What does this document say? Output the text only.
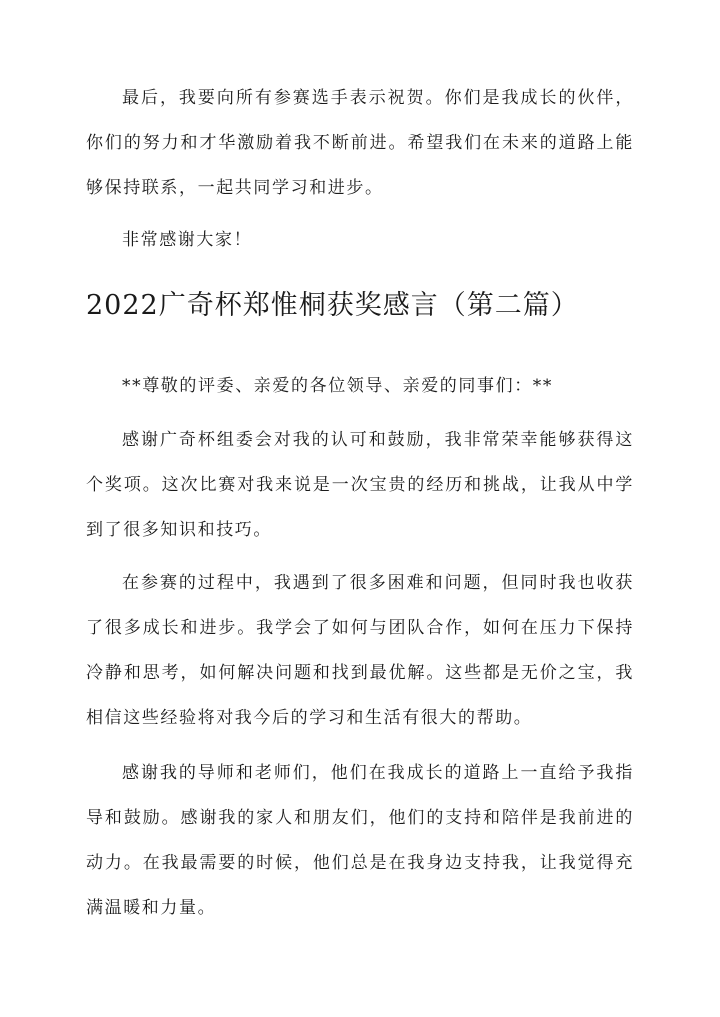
最后，我要向所有参赛选手表示祝贺。你们是我成长的伙伴，你们的努力和才华激励着我不断前进。希望我们在未来的道路上能够保持联系，一起共同学习和进步。

非常感谢大家！

2022广奇杯郑惟桐获奖感言（第二篇）

**尊敬的评委、亲爱的各位领导、亲爱的同事们：**

感谢广奇杯组委会对我的认可和鼓励，我非常荣幸能够获得这个奖项。这次比赛对我来说是一次宝贵的经历和挑战，让我从中学到了很多知识和技巧。

在参赛的过程中，我遇到了很多困难和问题，但同时我也收获了很多成长和进步。我学会了如何与团队合作，如何在压力下保持冷静和思考，如何解决问题和找到最优解。这些都是无价之宝，我相信这些经验将对我今后的学习和生活有很大的帮助。

感谢我的导师和老师们，他们在我成长的道路上一直给予我指导和鼓励。感谢我的家人和朋友们，他们的支持和陪伴是我前进的动力。在我最需要的时候，他们总是在我身边支持我，让我觉得充满温暖和力量。
